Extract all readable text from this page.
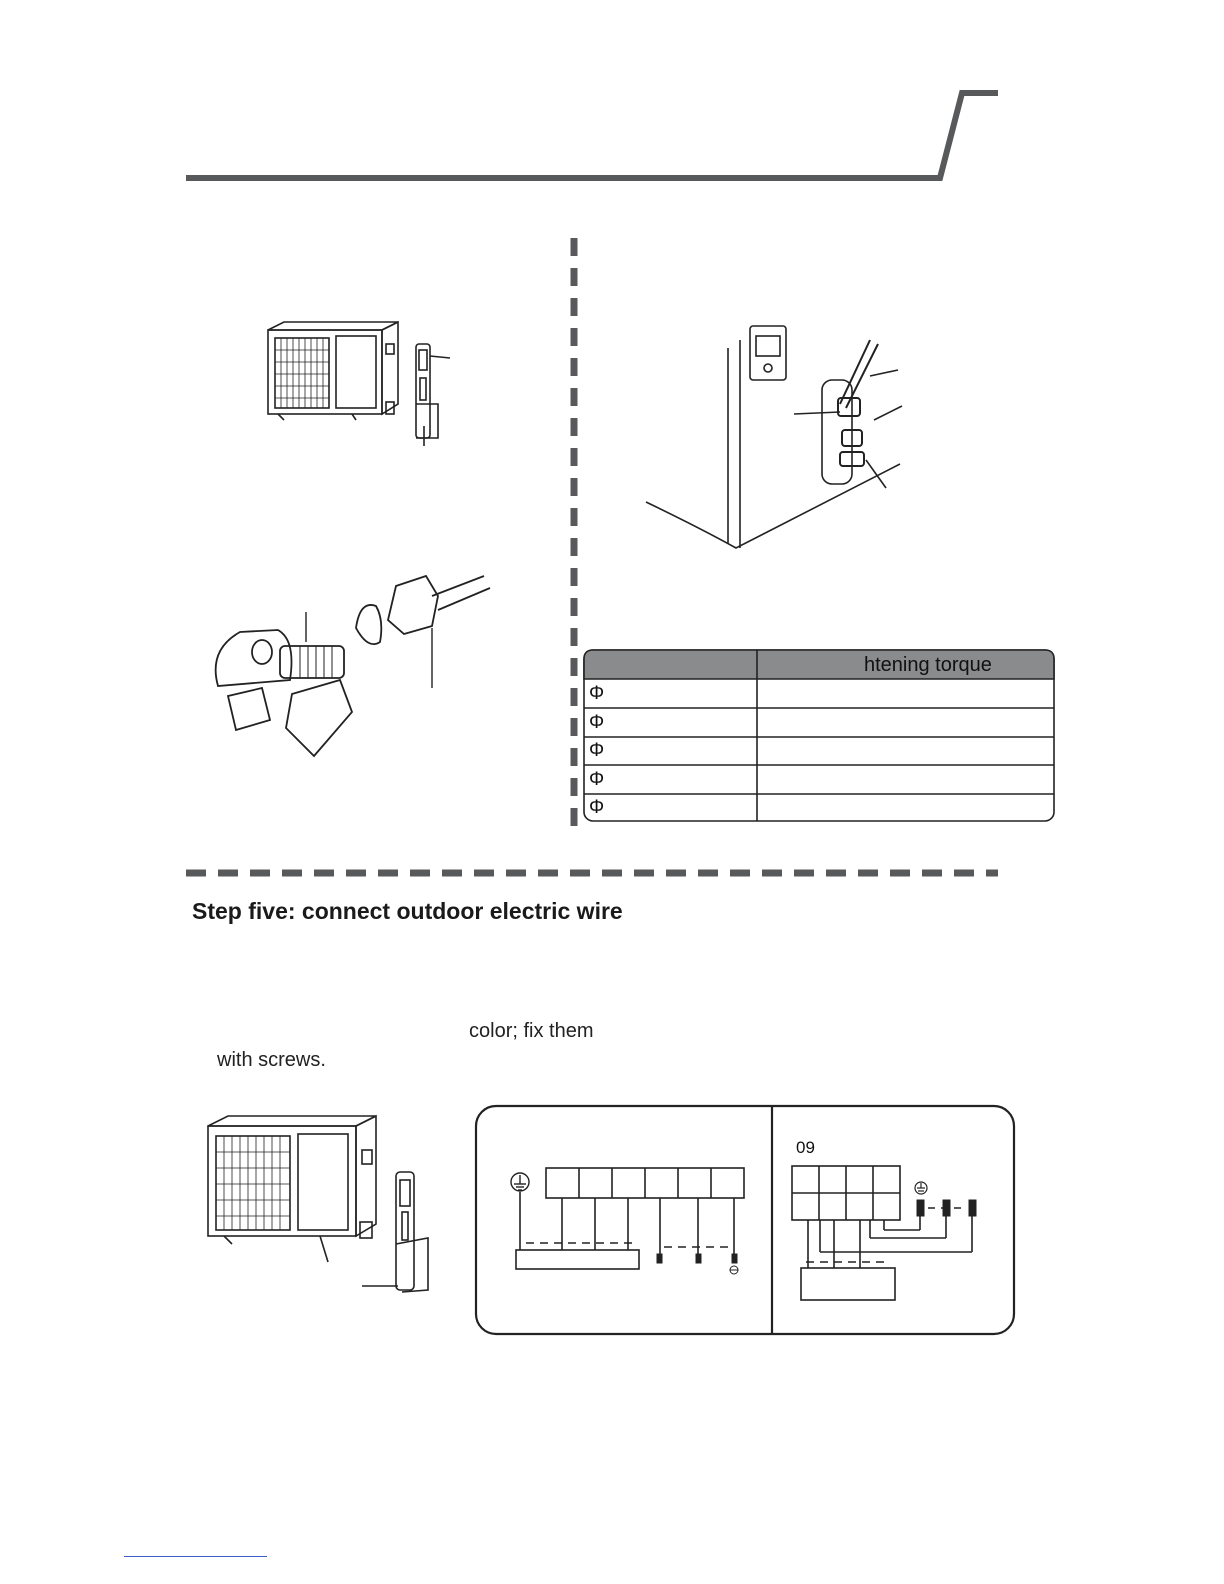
htening torque
Φ
Φ
Φ
Φ
Φ
Step five: connect outdoor electric wire
color; fix them
with screws.
09
